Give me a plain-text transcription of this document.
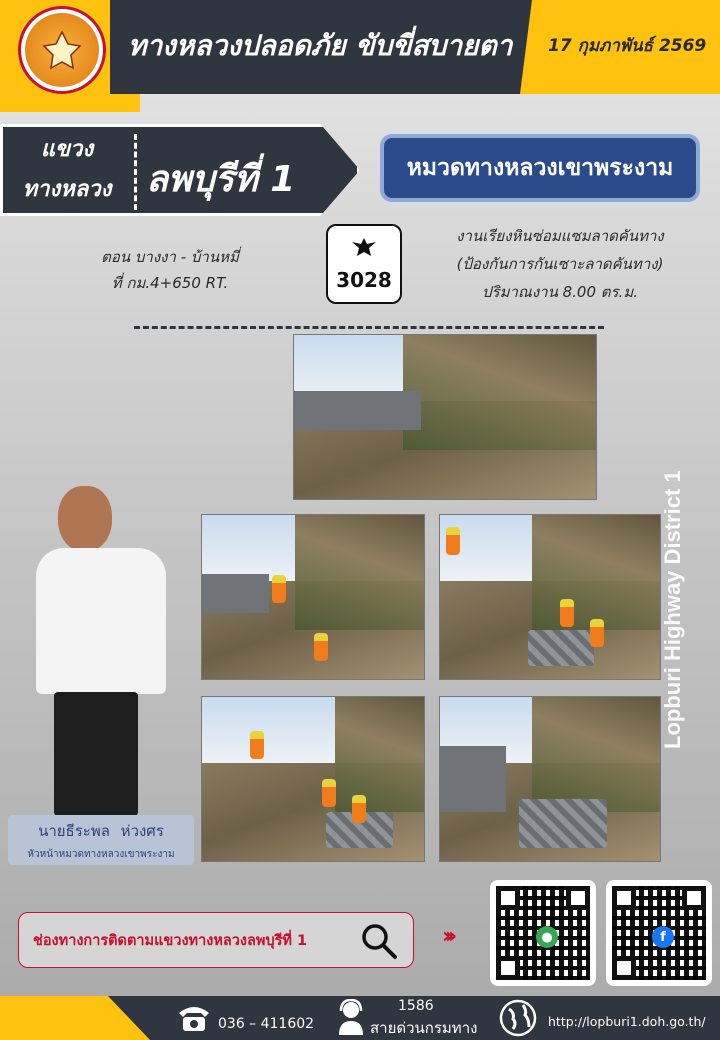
ทางหลวงปลอดภัย ขับขี่สบายตา 17 กุมภาพันธ์ 2569
แขวง
ทางหลวง ลพบุรีที่ 1	หมวดทางหลวงเขาพระงาม
ตอน บางงา - บ้านหมี่
ที่ กม.4+650 RT.	3028
งานเรียงหินซ่อมแซมลาดคันทาง
(ป้องกันการกันเซาะลาดคันทาง)
ปริมาณงาน 8.00 ตร.ม.
นายธีระพล ห่วงศร
หัวหน้าหมวดทางหลวงเขาพระงาม
Lopburi Highway District 1
ช่องทางการติดตามแขวงทางหลวงลพบุรีที่ 1	›››	●	f
036 – 411602
1586
สายด่วนกรมทาง	http://lopburi1.doh.go.th/
